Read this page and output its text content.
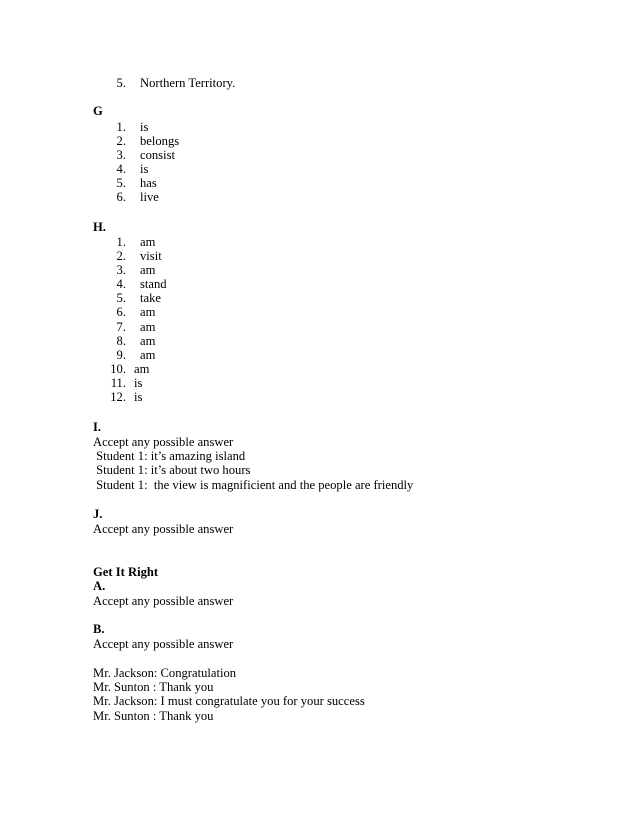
5. Northern Territory.
G
1. is
2. belongs
3. consist
4. is
5. has
6. live
H.
1. am
2. visit
3. am
4. stand
5. take
6. am
7. am
8. am
9. am
10. am
11. is
12. is
I.
Accept any possible answer
Student 1: it’s amazing island
Student 1: it’s about two hours
Student 1:  the view is magnificient and the people are friendly
J.
Accept any possible answer
Get It Right
A.
Accept any possible answer
B.
Accept any possible answer
Mr. Jackson: Congratulation
Mr. Sunton : Thank you
Mr. Jackson: I must congratulate you for your success
Mr. Sunton : Thank you
